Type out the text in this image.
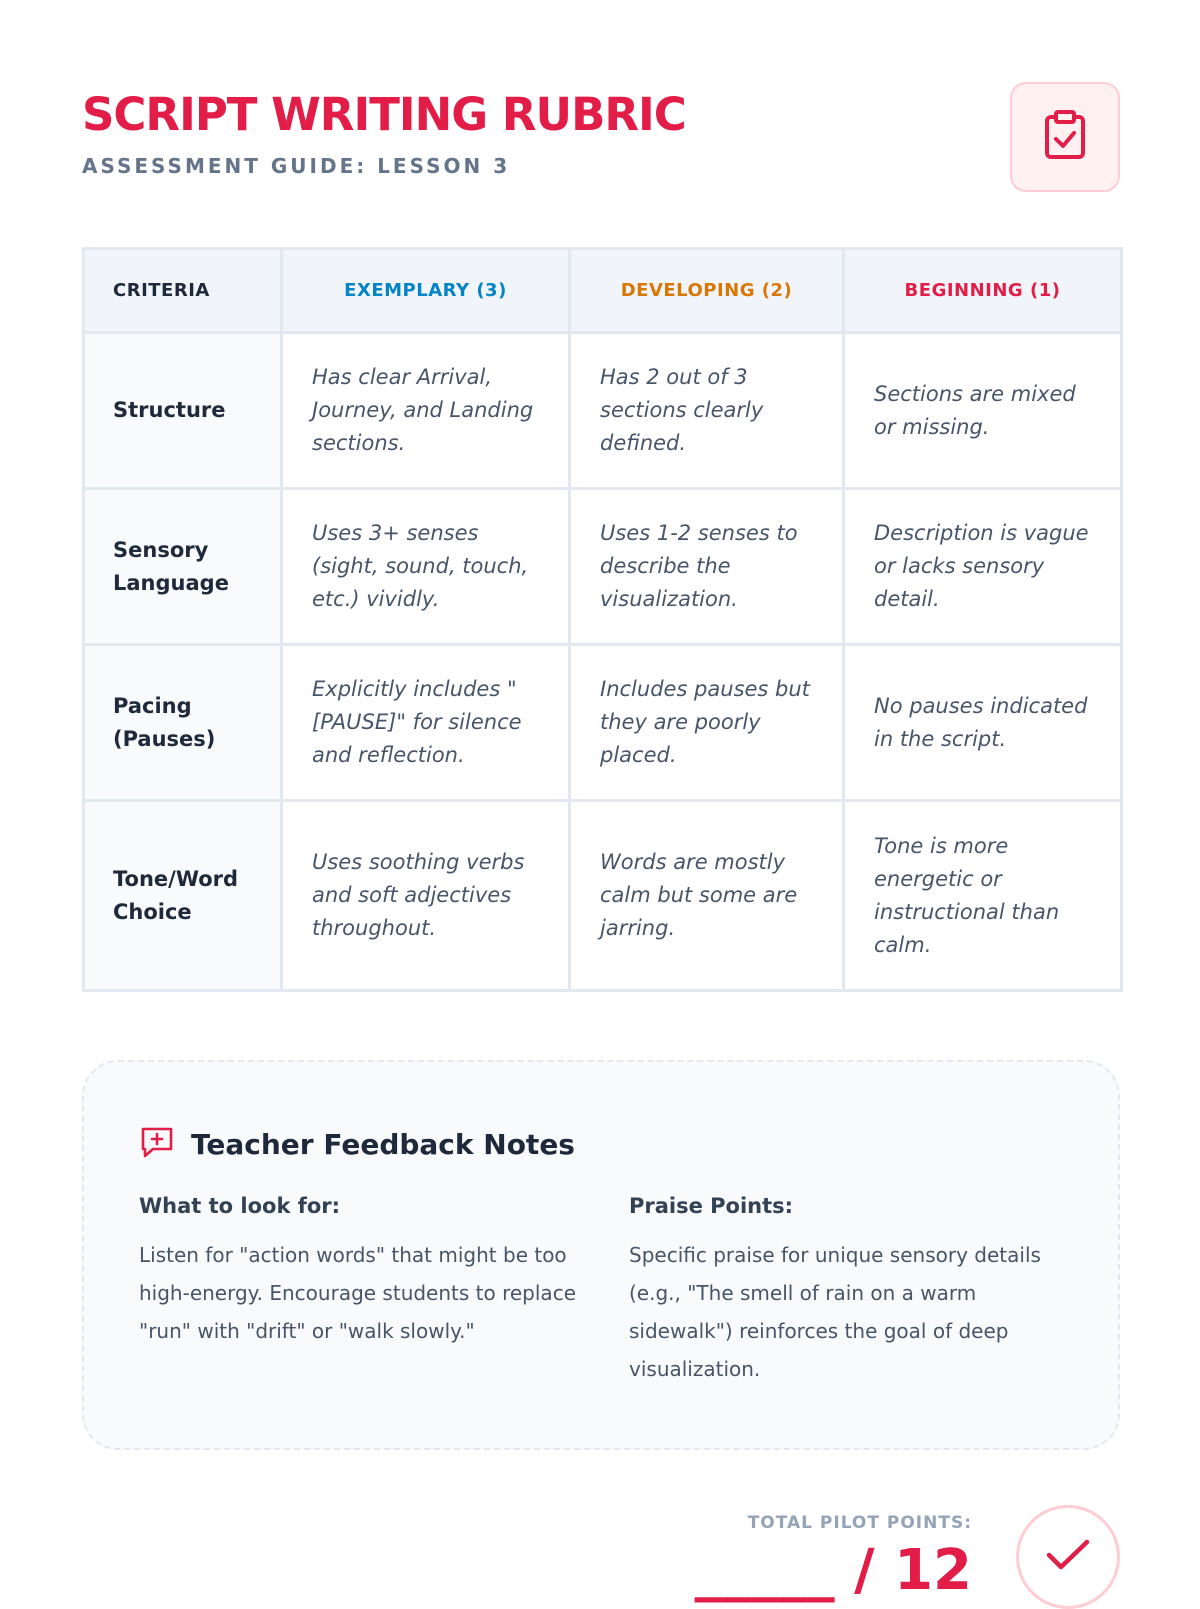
SCRIPT WRITING RUBRIC
ASSESSMENT GUIDE: LESSON 3
CRITERIA	EXEMPLARY (3)	DEVELOPING (2)	BEGINNING (1)
Structure	Has clear Arrival, Journey, and Landing sections.	Has 2 out of 3 sections clearly defined.	Sections are mixed or missing.
Sensory Language	Uses 3+ senses (sight, sound, touch, etc.) vividly.	Uses 1-2 senses to describe the visualization.	Description is vague or lacks sensory detail.
Pacing (Pauses)	Explicitly includes "[PAUSE]" for silence and reflection.	Includes pauses but they are poorly placed.	No pauses indicated in the script.
Tone/Word Choice	Uses soothing verbs and soft adjectives throughout.	Words are mostly calm but some are jarring.	Tone is more energetic or instructional than calm.
Teacher Feedback Notes
What to look for:
Listen for "action words" that might be too high-energy. Encourage students to replace "run" with "drift" or "walk slowly."
Praise Points:
Specific praise for unique sensory details (e.g., "The smell of rain on a warm sidewalk") reinforces the goal of deep visualization.
TOTAL PILOT POINTS:
_____ / 12
